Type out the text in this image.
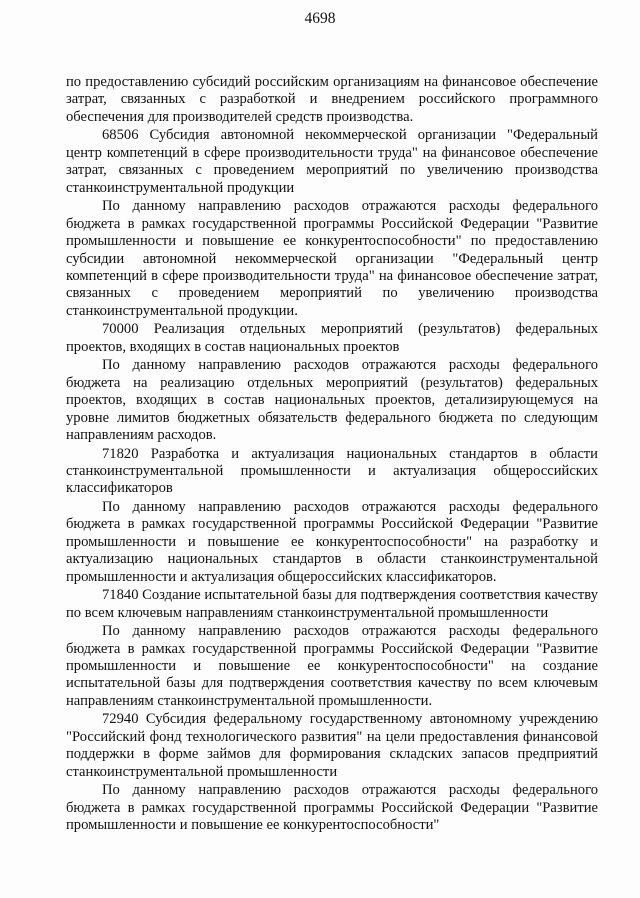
4698

по предоставлению субсидий российским организациям на финансовое обеспечение затрат, связанных с разработкой и внедрением российского программного обеспечения для производителей средств производства.

68506 Субсидия автономной некоммерческой организации "Федеральный центр компетенций в сфере производительности труда" на финансовое обеспечение затрат, связанных с проведением мероприятий по увеличению производства станкоинструментальной продукции

По данному направлению расходов отражаются расходы федерального бюджета в рамках государственной программы Российской Федерации "Развитие промышленности и повышение ее конкурентоспособности" по предоставлению субсидии автономной некоммерческой организации "Федеральный центр компетенций в сфере производительности труда" на финансовое обеспечение затрат, связанных с проведением мероприятий по увеличению производства станкоинструментальной продукции.

70000 Реализация отдельных мероприятий (результатов) федеральных проектов, входящих в состав национальных проектов

По данному направлению расходов отражаются расходы федерального бюджета на реализацию отдельных мероприятий (результатов) федеральных проектов, входящих в состав национальных проектов, детализирующемуся на уровне лимитов бюджетных обязательств федерального бюджета по следующим направлениям расходов.

71820 Разработка и актуализация национальных стандартов в области станкоинструментальной промышленности и актуализация общероссийских классификаторов

По данному направлению расходов отражаются расходы федерального бюджета в рамках государственной программы Российской Федерации "Развитие промышленности и повышение ее конкурентоспособности" на разработку и актуализацию национальных стандартов в области станкоинструментальной промышленности и актуализация общероссийских классификаторов.

71840 Создание испытательной базы для подтверждения соответствия качеству по всем ключевым направлениям станкоинструментальной промышленности

По данному направлению расходов отражаются расходы федерального бюджета в рамках государственной программы Российской Федерации "Развитие промышленности и повышение ее конкурентоспособности" на создание испытательной базы для подтверждения соответствия качеству по всем ключевым направлениям станкоинструментальной промышленности.

72940 Субсидия федеральному государственному автономному учреждению "Российский фонд технологического развития" на цели предоставления финансовой поддержки в форме займов для формирования складских запасов предприятий станкоинструментальной промышленности

По данному направлению расходов отражаются расходы федерального бюджета в рамках государственной программы Российской Федерации "Развитие промышленности и повышение ее конкурентоспособности"
